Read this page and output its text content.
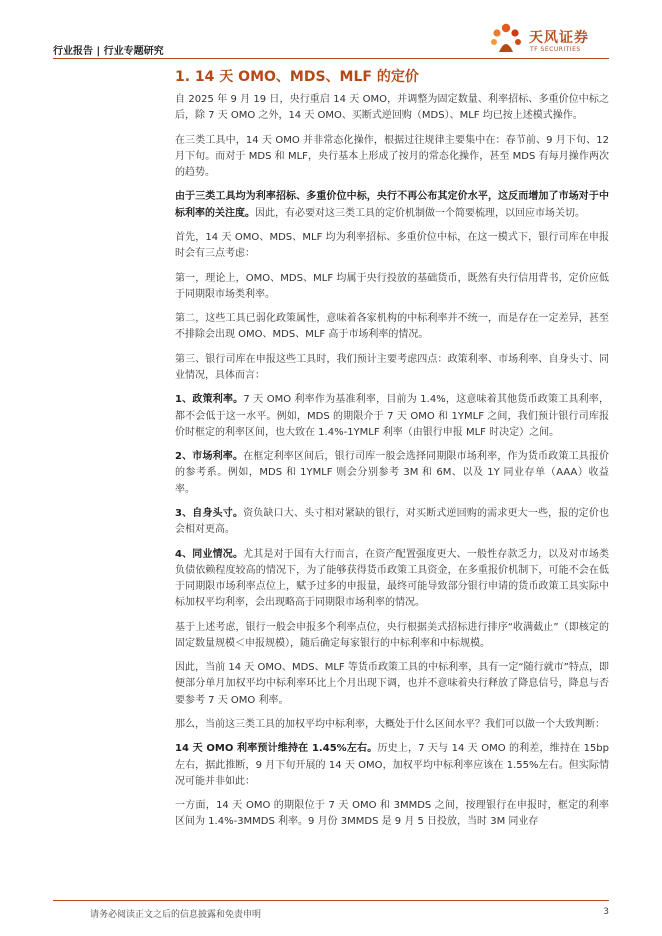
行业报告 | 行业专题研究
天风证券
TF SECURITIES
1. 14 天 OMO、MDS、MLF 的定价

自 2025 年 9 月 19 日，央行重启 14 天 OMO，并调整为固定数量、利率招标、多重价位中标之后，除 7 天 OMO 之外，14 天 OMO、买断式逆回购（MDS）、MLF 均已按上述模式操作。

在三类工具中，14 天 OMO 并非常态化操作，根据过往规律主要集中在：春节前、9 月下旬、12 月下旬。而对于 MDS 和 MLF，央行基本上形成了按月的常态化操作，甚至 MDS 有每月操作两次的趋势。

由于三类工具均为利率招标、多重价位中标，央行不再公布其定价水平，这反而增加了市场对于中标利率的关注度。因此，有必要对这三类工具的定价机制做一个简要梳理，以回应市场关切。

首先，14 天 OMO、MDS、MLF 均为利率招标、多重价位中标，在这一模式下，银行司库在申报时会有三点考虑：

第一，理论上，OMO、MDS、MLF 均属于央行投放的基础货币，既然有央行信用背书，定价应低于同期限市场类利率。

第二，这些工具已弱化政策属性，意味着各家机构的中标利率并不统一，而是存在一定差异，甚至不排除会出现 OMO、MDS、MLF 高于市场利率的情况。

第三、银行司库在申报这些工具时，我们预计主要考虑四点：政策利率、市场利率、自身头寸、同业情况，具体而言：

1、政策利率。7 天 OMO 利率作为基准利率，目前为 1.4%，这意味着其他货币政策工具利率，都不会低于这一水平。例如，MDS 的期限介于 7 天 OMO 和 1YMLF 之间，我们预计银行司库报价时框定的利率区间，也大致在 1.4%-1YMLF 利率（由银行申报 MLF 时决定）之间。

2、市场利率。在框定利率区间后，银行司库一般会选择同期限市场利率，作为货币政策工具报价的参考系。例如，MDS 和 1YMLF 则会分别参考 3M 和 6M、以及 1Y 同业存单（AAA）收益率。

3、自身头寸。资负缺口大、头寸相对紧缺的银行，对买断式逆回购的需求更大一些，报的定价也会相对更高。

4、同业情况。尤其是对于国有大行而言，在资产配置强度更大、一般性存款乏力，以及对市场类负债依赖程度较高的情况下，为了能够获得货币政策工具资金，在多重报价机制下，可能不会在低于同期限市场利率点位上，赋予过多的申报量，最终可能导致部分银行申请的货币政策工具实际中标加权平均利率，会出现略高于同期限市场利率的情况。

基于上述考虑，银行一般会申报多个利率点位，央行根据美式招标进行排序“收满截止”（即核定的固定数量规模＜申报规模），随后确定每家银行的中标利率和中标规模。

因此，当前 14 天 OMO、MDS、MLF 等货币政策工具的中标利率，具有一定“随行就市”特点，即便部分单月加权平均中标利率环比上个月出现下调，也并不意味着央行释放了降息信号，降息与否要参考 7 天 OMO 利率。

那么，当前这三类工具的加权平均中标利率，大概处于什么区间水平？我们可以做一个大致判断：

14 天 OMO 利率预计维持在 1.45%左右。历史上，7 天与 14 天 OMO 的利差，维持在 15bp 左右，据此推断，9 月下旬开展的 14 天 OMO，加权平均中标利率应该在 1.55%左右。但实际情况可能并非如此：

一方面，14 天 OMO 的期限位于 7 天 OMO 和 3MMDS 之间，按理银行在申报时，框定的利率区间为 1.4%-3MMDS 利率。9 月份 3MMDS 是 9 月 5 日投放，当时 3M 同业存

请务必阅读正文之后的信息披露和免责申明	3
